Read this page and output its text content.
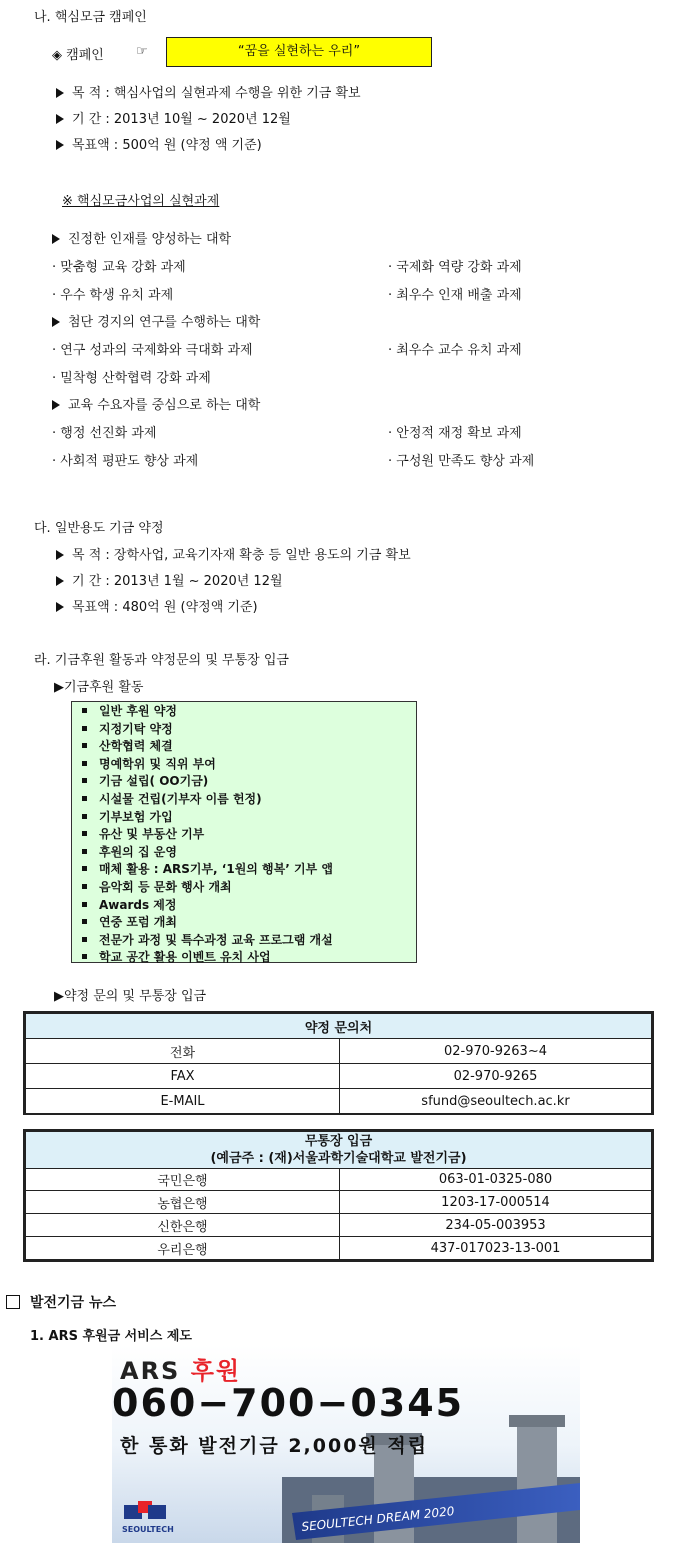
나. 핵심모금 캠페인
◈ 캠페인 ☞	“꿈을 실현하는 우리”
목 적 : 핵심사업의 실현과제 수행을 위한 기금 확보
기 간 : 2013년 10월 ~ 2020년 12월
목표액 : 500억 원 (약정 액 기준)
※ 핵심모금사업의 실현과제
진정한 인재를 양성하는 대학
· 맞춤형 교육 강화 과제	· 국제화 역량 강화 과제
· 우수 학생 유치 과제	· 최우수 인재 배출 과제
첨단 경지의 연구를 수행하는 대학
· 연구 성과의 국제화와 극대화 과제	· 최우수 교수 유치 과제
· 밀착형 산학협력 강화 과제
교육 수요자를 중심으로 하는 대학
· 행정 선진화 과제	· 안정적 재정 확보 과제
· 사회적 평판도 향상 과제	· 구성원 만족도 향상 과제
다. 일반용도 기금 약정
목 적 : 장학사업, 교육기자재 확충 등 일반 용도의 기금 확보
기 간 : 2013년 1월 ~ 2020년 12월
목표액 : 480억 원 (약정액 기준)
라. 기금후원 활동과 약정문의 및 무통장 입금
▶기금후원 활동
일반 후원 약정
지정기탁 약정
산학협력 체결
명예학위 및 직위 부여
기금 설립( OO기금)
시설물 건립(기부자 이름 헌정)
기부보험 가입
유산 및 부동산 기부
후원의 집 운영
매체 활용 : ARS기부, ‘1원의 행복’ 기부 앱
음악회 등 문화 행사 개최
Awards 제정
연중 포럼 개최
전문가 과정 및 특수과정 교육 프로그램 개설
학교 공간 활용 이벤트 유치 사업
▶약정 문의 및 무통장 입금
약정 문의처	
전화	02-970-9263~4
FAX	02-970-9265
E-MAIL	sfund@seoultech.ac.kr
무통장 입금
(예금주 : (재)서울과학기술대학교 발전기금)	
국민은행	063-01-0325-080
농협은행	1203-17-000514
신한은행	234-05-003953
우리은행	437-017023-13-001
발전기금 뉴스
1. ARS 후원금 서비스 제도
SEOULTECH DREAM 2020
SEOULTECH
ARS 후원
060−700−0345
한 통화 발전기금 2,000원 적립
